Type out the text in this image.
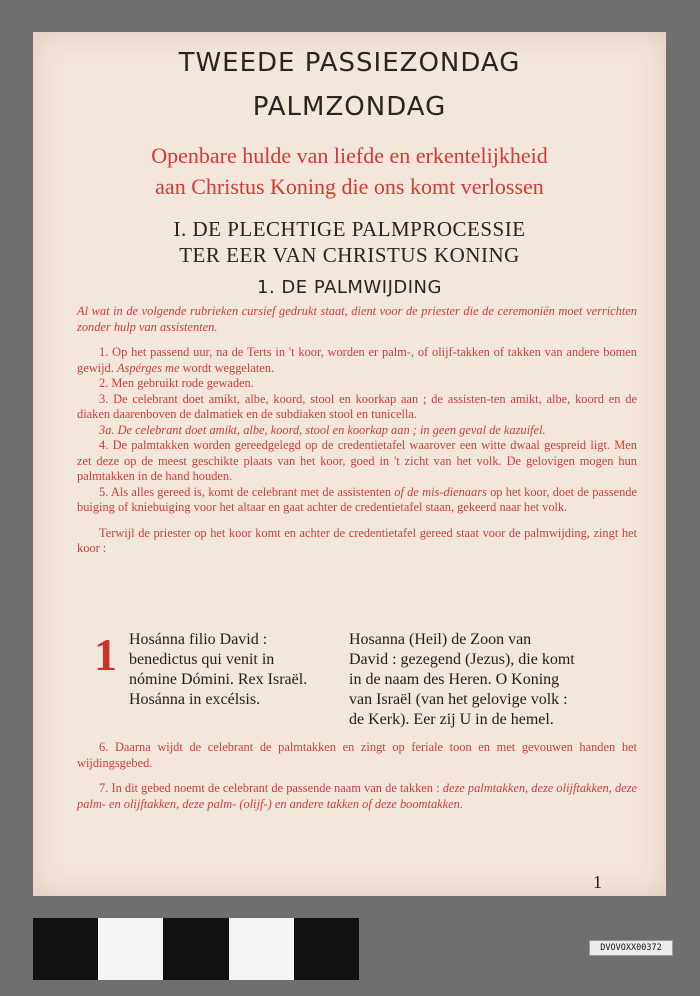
TWEEDE PASSIEZONDAG
PALMZONDAG
Openbare hulde van liefde en erkentelijkheid
aan Christus Koning die ons komt verlossen
I. DE PLECHTIGE PALMPROCESSIE
TER EER VAN CHRISTUS KONING
1. DE PALMWIJDING

Al wat in de volgende rubrieken cursief gedrukt staat, dient voor de priester die de ceremoniën moet verrichten zonder hulp van assistenten.

1. Op het passend uur, na de Terts in 't koor, worden er palm-, of olijf-takken of takken van andere bomen gewijd. Aspérges me wordt weggelaten.

2. Men gebruikt rode gewaden.

3. De celebrant doet amikt, albe, koord, stool en koorkap aan ; de assisten-ten amikt, albe, koord en de diaken daarenboven de dalmatiek en de subdiaken stool en tunicella.

3a. De celebrant doet amikt, albe, koord, stool en koorkap aan ; in geen geval de kazuifel.

4. De palmtakken worden gereedgelegd op de credentietafel waarover een witte dwaal gespreid ligt. Men zet deze op de meest geschikte plaats van het koor, goed in 't zicht van het volk. De gelovigen mogen hun palmtakken in de hand houden.

5. Als alles gereed is, komt de celebrant met de assistenten of de mis-dienaars op het koor, doet de passende buiging of kniebuiging voor het altaar en gaat achter de credentietafel staan, gekeerd naar het volk.

Terwijl de priester op het koor komt en achter de credentietafel gereed staat voor de palmwijding, zingt het koor :

1 Hosánna filio David :
benedictus qui venit in
nómine Dómini. Rex Israël.
Hosánna in excélsis.
Hosanna (Heil) de Zoon van
David : gezegend (Jezus), die komt
in de naam des Heren. O Koning
van Israël (van het gelovige volk :
de Kerk). Eer zij U in de hemel.

6. Daarna wijdt de celebrant de palmtakken en zingt op feriale toon en met gevouwen handen het wijdingsgebed.

7. In dit gebed noemt de celebrant de passende naam van de takken : deze palmtakken, deze olijftakken, deze palm- en olijftakken, deze palm- (olijf-) en andere takken of deze boomtakken.

1
DVOVOXX00372
